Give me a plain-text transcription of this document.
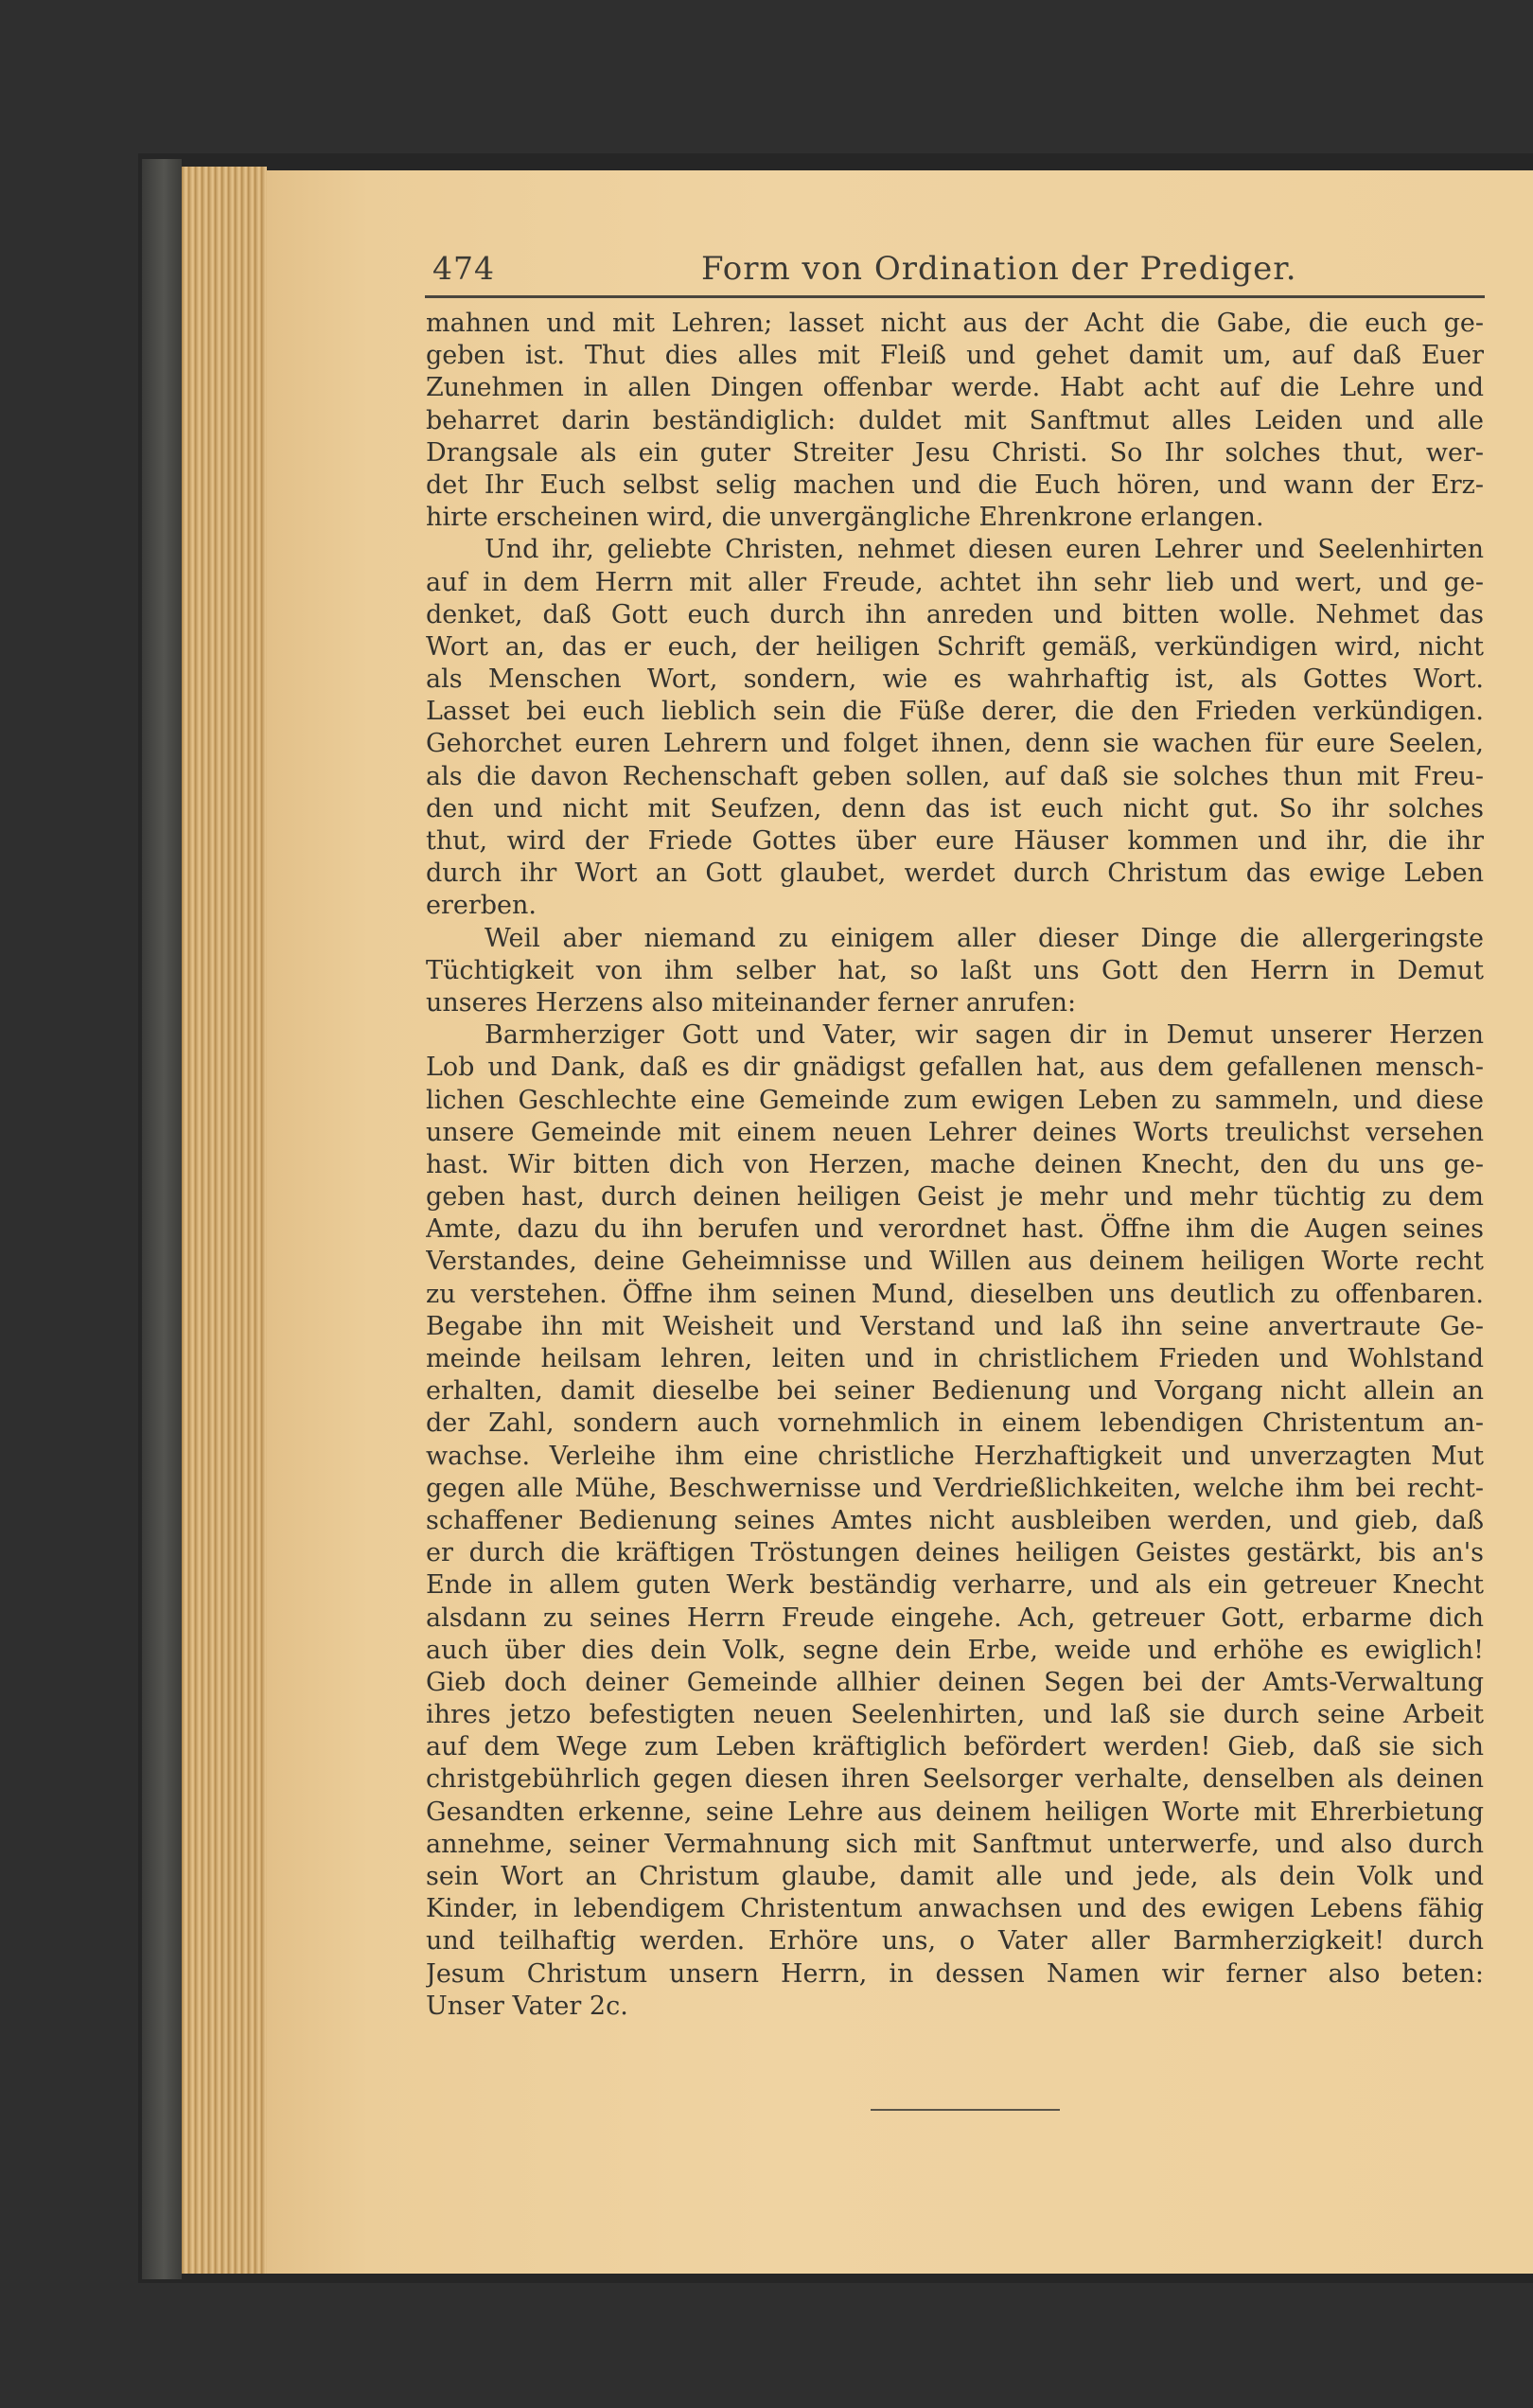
474	Form von Ordination der Prediger.
mahnen und mit Lehren; lasset nicht aus der Acht die Gabe, die euch ge-
geben ist. Thut dies alles mit Fleiß und gehet damit um, auf daß Euer
Zunehmen in allen Dingen offenbar werde. Habt acht auf die Lehre und
beharret darin beständiglich: duldet mit Sanftmut alles Leiden und alle
Drangsale als ein guter Streiter Jesu Christi. So Ihr solches thut, wer-
det Ihr Euch selbst selig machen und die Euch hören, und wann der Erz-
hirte erscheinen wird, die unvergängliche Ehrenkrone erlangen.
Und ihr, geliebte Christen, nehmet diesen euren Lehrer und Seelenhirten
auf in dem Herrn mit aller Freude, achtet ihn sehr lieb und wert, und ge-
denket, daß Gott euch durch ihn anreden und bitten wolle. Nehmet das
Wort an, das er euch, der heiligen Schrift gemäß, verkündigen wird, nicht
als Menschen Wort, sondern, wie es wahrhaftig ist, als Gottes Wort.
Lasset bei euch lieblich sein die Füße derer, die den Frieden verkündigen.
Gehorchet euren Lehrern und folget ihnen, denn sie wachen für eure Seelen,
als die davon Rechenschaft geben sollen, auf daß sie solches thun mit Freu-
den und nicht mit Seufzen, denn das ist euch nicht gut. So ihr solches
thut, wird der Friede Gottes über eure Häuser kommen und ihr, die ihr
durch ihr Wort an Gott glaubet, werdet durch Christum das ewige Leben
ererben.
Weil aber niemand zu einigem aller dieser Dinge die allergeringste
Tüchtigkeit von ihm selber hat, so laßt uns Gott den Herrn in Demut
unseres Herzens also miteinander ferner anrufen:
Barmherziger Gott und Vater, wir sagen dir in Demut unserer Herzen
Lob und Dank, daß es dir gnädigst gefallen hat, aus dem gefallenen mensch-
lichen Geschlechte eine Gemeinde zum ewigen Leben zu sammeln, und diese
unsere Gemeinde mit einem neuen Lehrer deines Worts treulichst versehen
hast. Wir bitten dich von Herzen, mache deinen Knecht, den du uns ge-
geben hast, durch deinen heiligen Geist je mehr und mehr tüchtig zu dem
Amte, dazu du ihn berufen und verordnet hast. Öffne ihm die Augen seines
Verstandes, deine Geheimnisse und Willen aus deinem heiligen Worte recht
zu verstehen. Öffne ihm seinen Mund, dieselben uns deutlich zu offenbaren.
Begabe ihn mit Weisheit und Verstand und laß ihn seine anvertraute Ge-
meinde heilsam lehren, leiten und in christlichem Frieden und Wohlstand
erhalten, damit dieselbe bei seiner Bedienung und Vorgang nicht allein an
der Zahl, sondern auch vornehmlich in einem lebendigen Christentum an-
wachse. Verleihe ihm eine christliche Herzhaftigkeit und unverzagten Mut
gegen alle Mühe, Beschwernisse und Verdrießlichkeiten, welche ihm bei recht-
schaffener Bedienung seines Amtes nicht ausbleiben werden, und gieb, daß
er durch die kräftigen Tröstungen deines heiligen Geistes gestärkt, bis an's
Ende in allem guten Werk beständig verharre, und als ein getreuer Knecht
alsdann zu seines Herrn Freude eingehe. Ach, getreuer Gott, erbarme dich
auch über dies dein Volk, segne dein Erbe, weide und erhöhe es ewiglich!
Gieb doch deiner Gemeinde allhier deinen Segen bei der Amts-Verwaltung
ihres jetzo befestigten neuen Seelenhirten, und laß sie durch seine Arbeit
auf dem Wege zum Leben kräftiglich befördert werden! Gieb, daß sie sich
christgebührlich gegen diesen ihren Seelsorger verhalte, denselben als deinen
Gesandten erkenne, seine Lehre aus deinem heiligen Worte mit Ehrerbietung
annehme, seiner Vermahnung sich mit Sanftmut unterwerfe, und also durch
sein Wort an Christum glaube, damit alle und jede, als dein Volk und
Kinder, in lebendigem Christentum anwachsen und des ewigen Lebens fähig
und teilhaftig werden. Erhöre uns, o Vater aller Barmherzigkeit! durch
Jesum Christum unsern Herrn, in dessen Namen wir ferner also beten:
Unser Vater 2c.
